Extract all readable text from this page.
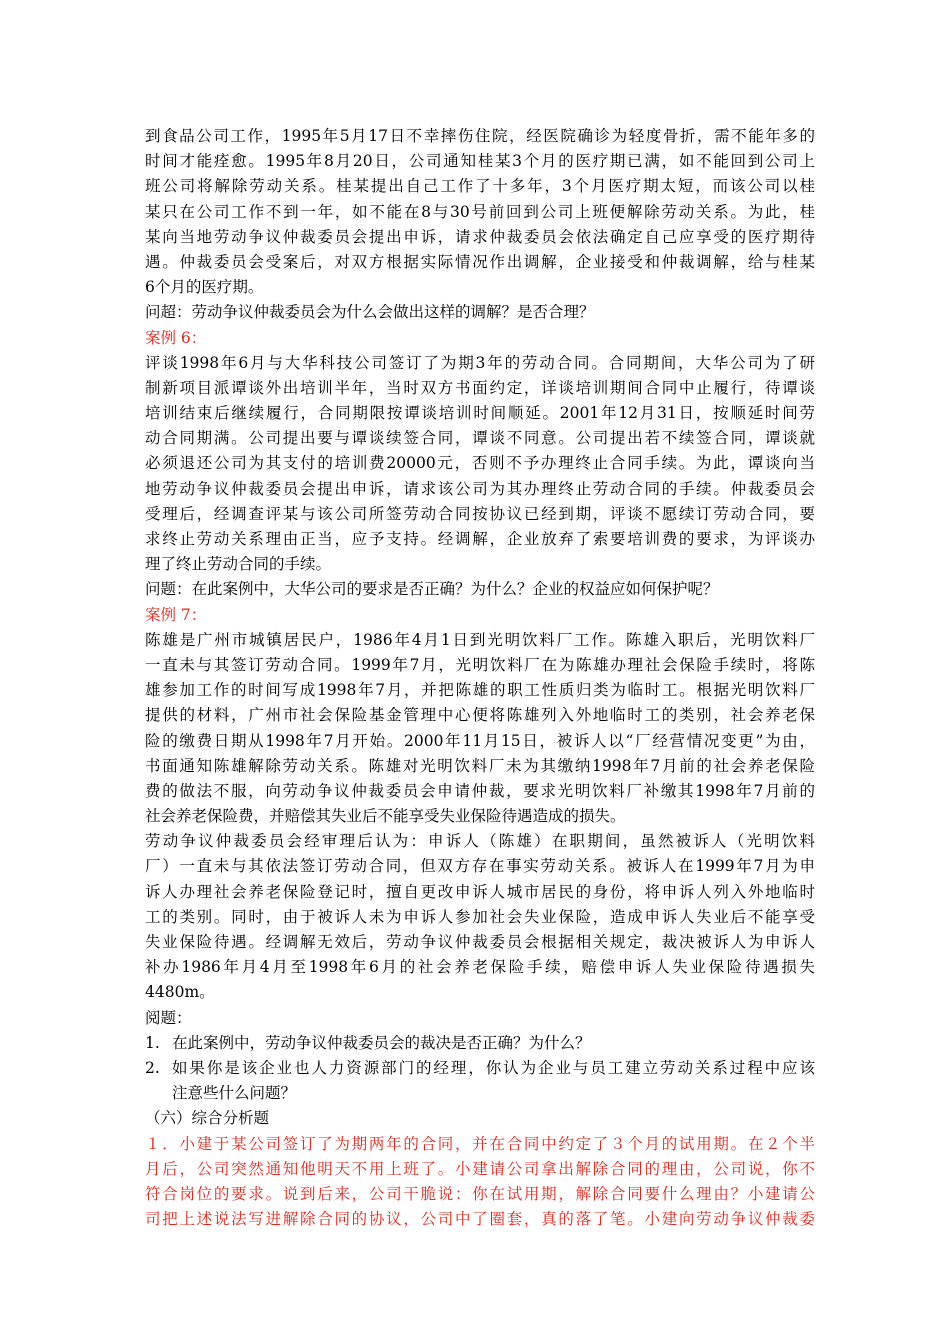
到食品公司工作，1995年5月17日不幸摔伤住院，经医院确诊为轻度骨折，需不能年多的
时间才能痊愈。1995年8月20日，公司通知桂某3个月的医疗期已满，如不能回到公司上
班公司将解除劳动关系。桂某提出自己工作了十多年，3个月医疗期太短，而该公司以桂
某只在公司工作不到一年，如不能在8与30号前回到公司上班便解除劳动关系。为此，桂
某向当地劳动争议仲裁委员会提出申诉，请求仲裁委员会依法确定自己应享受的医疗期待
遇。仲裁委员会受案后，对双方根据实际情况作出调解，企业接受和仲裁调解，给与桂某
6个月的医疗期。
问超：劳动争议仲裁委员会为什么会做出这样的调解？是否合理？
案例 6：
评谈1998年6月与大华科技公司签订了为期3年的劳动合同。合同期间，大华公司为了研
制新项目派谭谈外出培训半年，当时双方书面约定，详谈培训期间合同中止履行，待谭谈
培训结束后继续履行，合同期限按谭谈培训时间顺延。2001年12月31日，按顺延时间劳
动合同期满。公司提出要与谭谈续签合同，谭谈不同意。公司提出若不续签合同，谭谈就
必须退还公司为其支付的培训费20000元，否则不予办理终止合同手续。为此，谭谈向当
地劳动争议仲裁委员会提出申诉，请求该公司为其办理终止劳动合同的手续。仲裁委员会
受理后，经调查评某与该公司所签劳动合同按协议已经到期，评谈不愿续订劳动合同，要
求终止劳动关系理由正当，应予支持。经调解，企业放弃了索要培训费的要求，为评谈办
理了终止劳动合同的手续。
问题：在此案例中，大华公司的要求是否正确？为什么？企业的权益应如何保护呢？
案例 7：
陈雄是广州市城镇居民户，1986年4月1日到光明饮料厂工作。陈雄入职后，光明饮料厂
一直未与其签订劳动合同。1999年7月，光明饮料厂在为陈雄办理社会保险手续时，将陈
雄参加工作的时间写成1998年7月，并把陈雄的职工性质归类为临时工。根据光明饮料厂
提供的材料，广州市社会保险基金管理中心便将陈雄列入外地临时工的类别，社会养老保
险的缴费日期从1998年7月开始。2000年11月15日，被诉人以“厂经营情况变更”为由，
书面通知陈雄解除劳动关系。陈雄对光明饮料厂未为其缴纳1998年7月前的社会养老保险
费的做法不服，向劳动争议仲裁委员会申请仲裁，要求光明饮料厂补缴其1998年7月前的
社会养老保险费，并赔偿其失业后不能享受失业保险待遇造成的损失。
劳动争议仲裁委员会经审理后认为：申诉人（陈雄）在职期间，虽然被诉人（光明饮料
厂）一直未与其依法签订劳动合同，但双方存在事实劳动关系。被诉人在1999年7月为申
诉人办理社会养老保险登记时，擅自更改申诉人城市居民的身份，将申诉人列入外地临时
工的类别。同时，由于被诉人未为申诉人参加社会失业保险，造成申诉人失业后不能享受
失业保险待遇。经调解无效后，劳动争议仲裁委员会根据相关规定，裁决被诉人为申诉人
补办1986年月4月至1998年6月的社会养老保险手续，赔偿申诉人失业保险待遇损失
4480m。
阅题：
1. 在此案例中，劳动争议仲裁委员会的裁决是否正确？为什么？
2. 如果你是该企业也人力资源部门的经理，你认为企业与员工建立劳动关系过程中应该
注意些什么问题？
（六）综合分析题
１．小建于某公司签订了为期两年的合同，并在合同中约定了３个月的试用期。在２个半
月后，公司突然通知他明天不用上班了。小建请公司拿出解除合同的理由，公司说，你不
符合岗位的要求。说到后来，公司干脆说：你在试用期，解除合同要什么理由？小建请公
司把上述说法写进解除合同的协议，公司中了圈套，真的落了笔。小建向劳动争议仲裁委
